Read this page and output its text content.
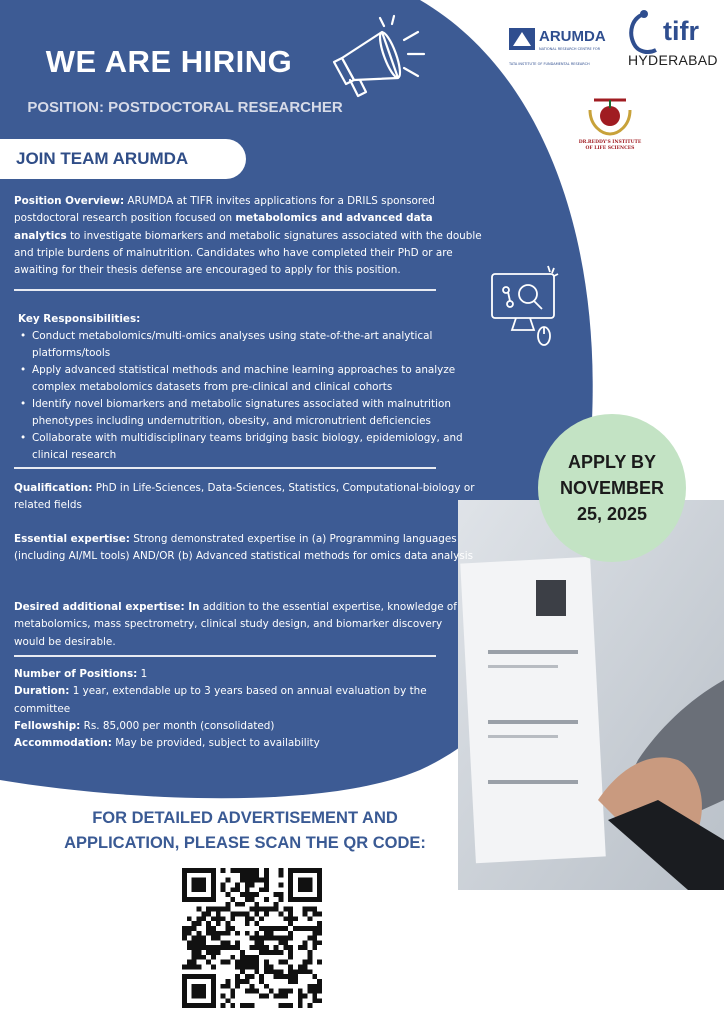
WE ARE HIRING
POSITION: POSTDOCTORAL RESEARCHER
ARUMDA
NATIONAL RESEARCH CENTRE FOR
TATA INSTITUTE OF FUNDAMENTAL RESEARCH
tifr
HYDERABAD
DR.REDDY'S INSTITUTE OF LIFE SCIENCES
JOIN TEAM ARUMDA
Position Overview: ARUMDA at TIFR invites applications for a DRILS sponsored postdoctoral research position focused on metabolomics and advanced data analytics to investigate biomarkers and metabolic signatures associated with the double and triple burdens of malnutrition. Candidates who have completed their PhD or are awaiting for their thesis defense are encouraged to apply for this position.
Key Responsibilities:
• Conduct metabolomics/multi-omics analyses using state-of-the-art analytical platforms/tools
• Apply advanced statistical methods and machine learning approaches to analyze complex metabolomics datasets from pre-clinical and clinical cohorts
• Identify novel biomarkers and metabolic signatures associated with malnutrition phenotypes including undernutrition, obesity, and micronutrient deficiencies
• Collaborate with multidisciplinary teams bridging basic biology, epidemiology, and clinical research
Qualification: PhD in Life-Sciences, Data-Sciences, Statistics, Computational-biology or related fields
Essential expertise: Strong demonstrated expertise in (a) Programming languages (including AI/ML tools) AND/OR (b) Advanced statistical methods for omics data analysis
Desired additional expertise: In addition to the essential expertise, knowledge of metabolomics, mass spectrometry, clinical study design, and biomarker discovery would be desirable.
Number of Positions: 1
Duration: 1 year, extendable up to 3 years based on annual evaluation by the committee
Fellowship: Rs. 85,000 per month (consolidated)
Accommodation: May be provided, subject to availability
APPLY BY
NOVEMBER
25, 2025
FOR DETAILED ADVERTISEMENT AND
APPLICATION, PLEASE SCAN THE QR CODE:
